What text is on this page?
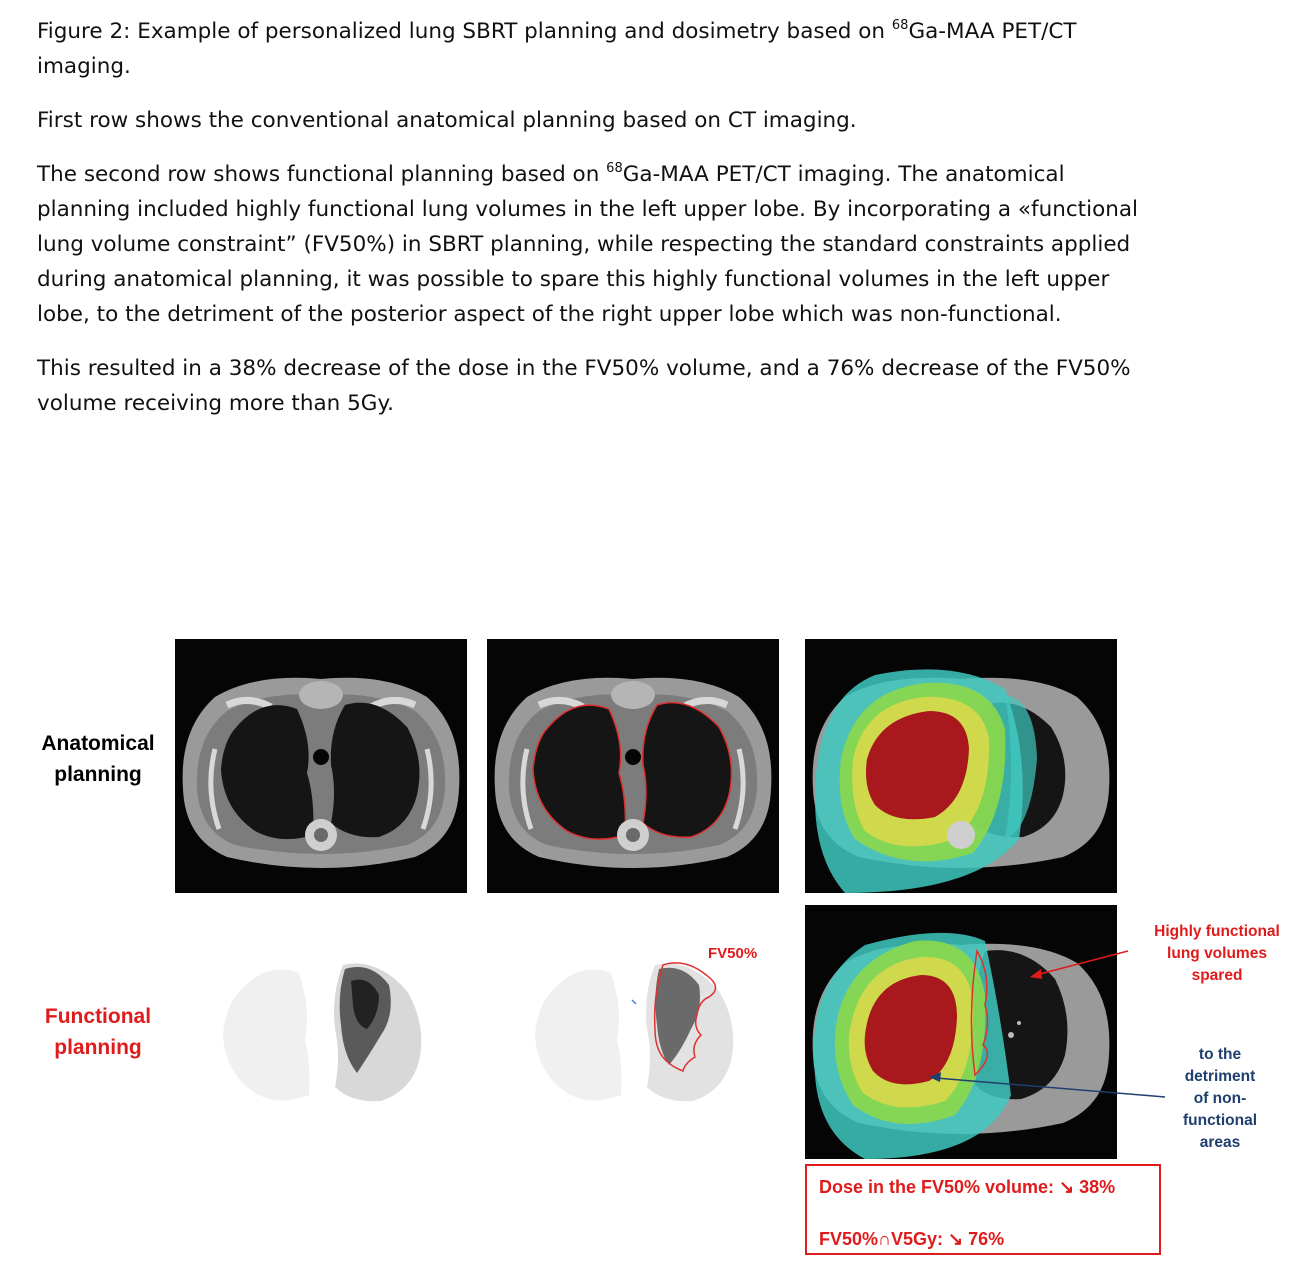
Figure 2: Example of personalized lung SBRT planning and dosimetry based on $^{68}$Ga-MAA PET/CT imaging.

First row shows the conventional anatomical planning based on CT imaging.

The second row shows functional planning based on $^{68}$Ga-MAA PET/CT imaging. The anatomical planning included highly functional lung volumes in the left upper lobe. By incorporating a «functional lung volume constraint” (FV50%) in SBRT planning, while respecting the standard constraints applied during anatomical planning, it was possible to spare this highly functional volumes in the left upper lobe, to the detriment of the posterior aspect of the right upper lobe which was non-functional.

This resulted in a 38% decrease of the dose in the FV50% volume, and a 76% decrease of the FV50% volume receiving more than 5Gy.

Anatomical
planning
Functional
planning
FV50%
Highly functional
lung volumes
spared
to the
detriment
of non-
functional
areas
Dose in the FV50% volume: ↘ 38%
FV50%∩V5Gy: ↘ 76%
